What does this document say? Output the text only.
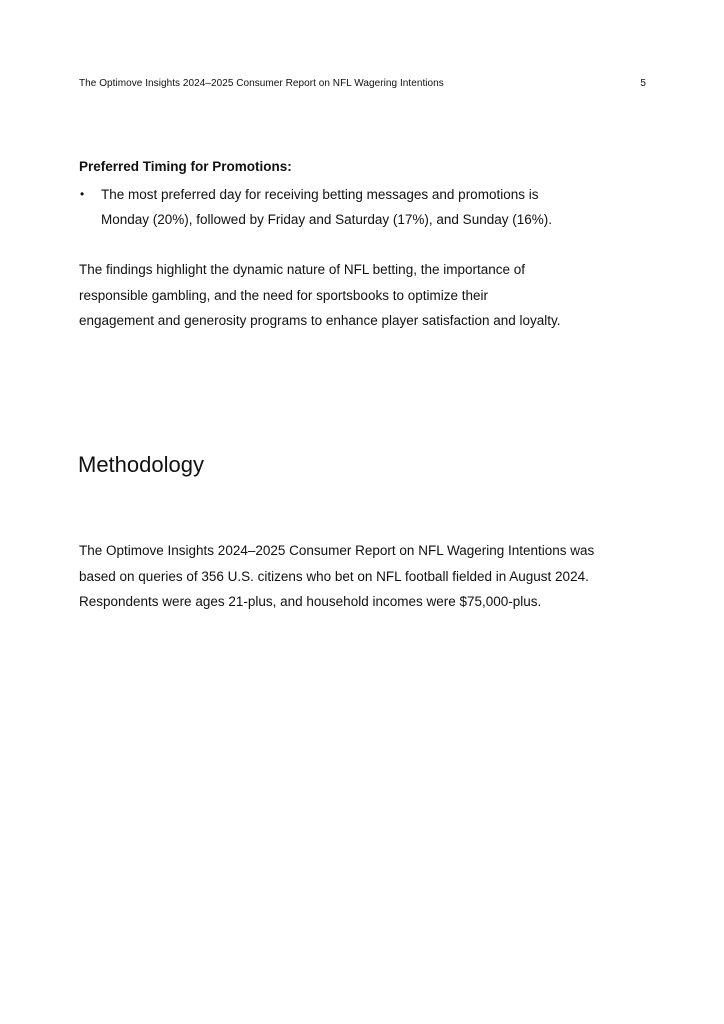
The Optimove Insights 2024–2025 Consumer Report on NFL Wagering Intentions	5
Preferred Timing for Promotions:
• The most preferred day for receiving betting messages and promotions is
Monday (20%), followed by Friday and Saturday (17%), and Sunday (16%).
The findings highlight the dynamic nature of NFL betting, the importance of
responsible gambling, and the need for sportsbooks to optimize their
engagement and generosity programs to enhance player satisfaction and loyalty.
Methodology
The Optimove Insights 2024–2025 Consumer Report on NFL Wagering Intentions was
based on queries of 356 U.S. citizens who bet on NFL football fielded in August 2024.
Respondents were ages 21-plus, and household incomes were $75,000-plus.
